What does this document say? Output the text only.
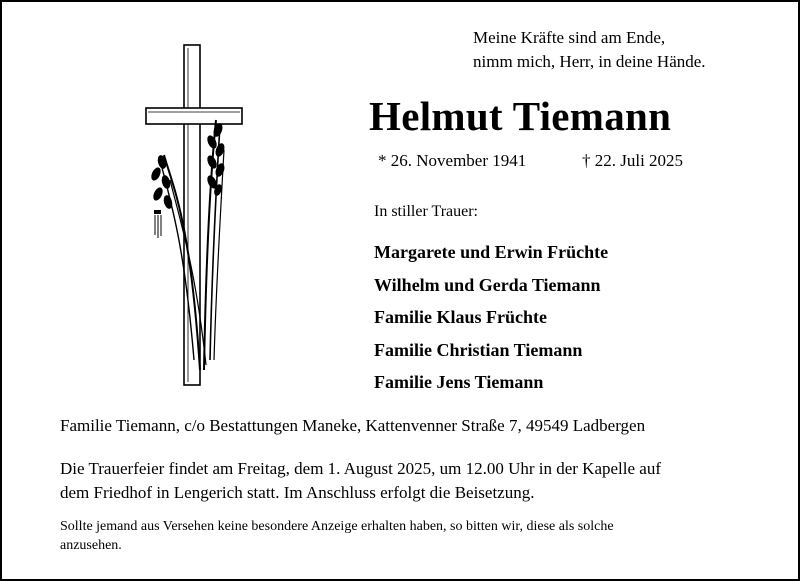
Meine Kräfte sind am Ende,
nimm mich, Herr, in deine Hände.
Helmut Tiemann
* 26. November 1941	† 22. Juli 2025
In stiller Trauer:
Margarete und Erwin Früchte
Wilhelm und Gerda Tiemann
Familie Klaus Früchte
Familie Christian Tiemann
Familie Jens Tiemann
Familie Tiemann, c/o Bestattungen Maneke, Kattenvenner Straße 7, 49549 Ladbergen
Die Trauerfeier findet am Freitag, dem 1. August 2025, um 12.00 Uhr in der Kapelle auf
dem Friedhof in Lengerich statt. Im Anschluss erfolgt die Beisetzung.
Sollte jemand aus Versehen keine besondere Anzeige erhalten haben, so bitten wir, diese als solche
anzusehen.
